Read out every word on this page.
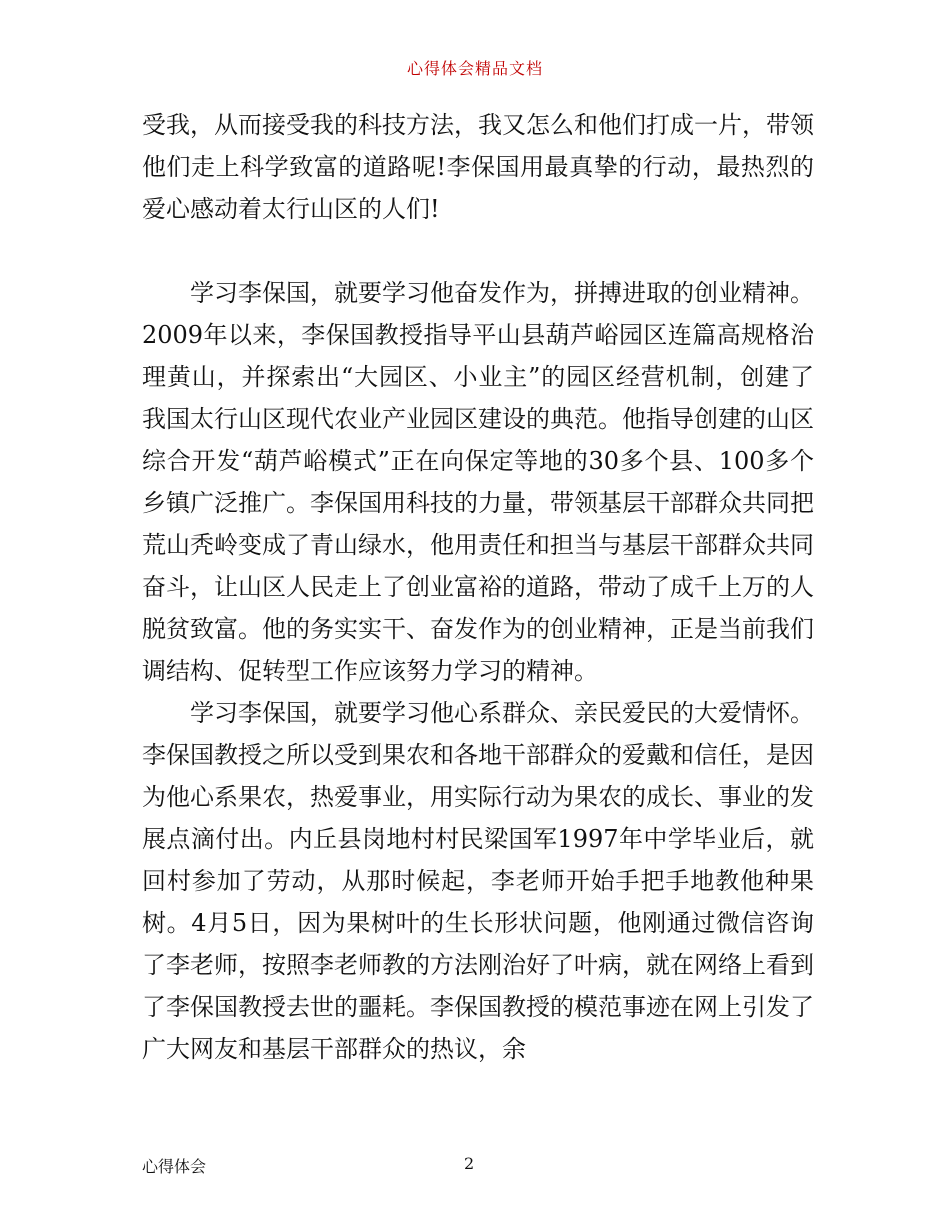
心得体会精品文档

受我，从而接受我的科技方法，我又怎么和他们打成一片，带领他们走上科学致富的道路呢!李保国用最真挚的行动，最热烈的爱心感动着太行山区的人们!

学习李保国，就要学习他奋发作为，拼搏进取的创业精神。2009年以来，李保国教授指导平山县葫芦峪园区连篇高规格治理黄山，并探索出“大园区、小业主”的园区经营机制，创建了我国太行山区现代农业产业园区建设的典范。他指导创建的山区综合开发“葫芦峪模式”正在向保定等地的30多个县、100多个乡镇广泛推广。李保国用科技的力量，带领基层干部群众共同把荒山秃岭变成了青山绿水，他用责任和担当与基层干部群众共同奋斗，让山区人民走上了创业富裕的道路，带动了成千上万的人脱贫致富。他的务实实干、奋发作为的创业精神，正是当前我们调结构、促转型工作应该努力学习的精神。

学习李保国，就要学习他心系群众、亲民爱民的大爱情怀。李保国教授之所以受到果农和各地干部群众的爱戴和信任，是因为他心系果农，热爱事业，用实际行动为果农的成长、事业的发展点滴付出。内丘县岗地村村民梁国军1997年中学毕业后，就回村参加了劳动，从那时候起，李老师开始手把手地教他种果树。4月5日，因为果树叶的生长形状问题，他刚通过微信咨询了李老师，按照李老师教的方法刚治好了叶病，就在网络上看到了李保国教授去世的噩耗。李保国教授的模范事迹在网上引发了广大网友和基层干部群众的热议，余

心得体会	2
